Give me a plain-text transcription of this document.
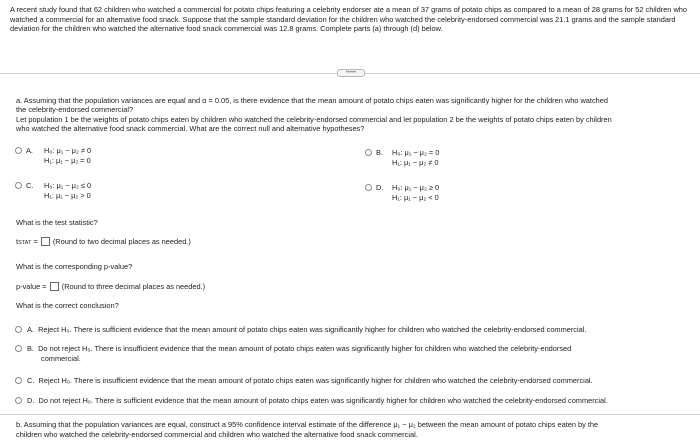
A recent study found that 62 children who watched a commercial for potato chips featuring a celebrity endorser ate a mean of 37 grams of potato chips as compared to a mean of 28 grams for 52 children who watched a commercial for an alternative food snack. Suppose that the sample standard deviation for the children who watched the celebrity-endorsed commercial was 21.1 grams and the sample standard deviation for the children who watched the alternative food snack commercial was 12.8 grams. Complete parts (a) through (d) below.
•••••
a. Assuming that the population variances are equal and α = 0.05, is there evidence that the mean amount of potato chips eaten was significantly higher for the children who watched
the celebrity-endorsed commercial?
Let population 1 be the weights of potato chips eaten by children who watched the celebrity-endorsed commercial and let population 2 be the weights of potato chips eaten by children
who watched the alternative food snack commercial. What are the correct null and alternative hypotheses?
A. H₀: μ₁ − μ₂ ≠ 0
H₁: μ₁ − μ₂ = 0
B. H₀: μ₁ − μ₂ = 0
H₁: μ₁ − μ₂ ≠ 0
C. H₀: μ₁ − μ₂ ≤ 0
H₁: μ₁ − μ₂ > 0
D. H₀: μ₁ − μ₂ ≥ 0
H₁: μ₁ − μ₂ < 0
What is the test statistic?
tSTAT = (Round to two decimal places as needed.)
What is the corresponding p-value?
p-value = (Round to three decimal places as needed.)
What is the correct conclusion?
A. Reject H₀. There is sufficient evidence that the mean amount of potato chips eaten was significantly higher for children who watched the celebrity-endorsed commercial.
B. Do not reject H₀. There is insufficient evidence that the mean amount of potato chips eaten was significantly higher for children who watched the celebrity-endorsed
commercial.
C. Reject H₀. There is insufficient evidence that the mean amount of potato chips eaten was significantly higher for children who watched the celebrity-endorsed commercial.
D. Do not reject H₀. There is sufficient evidence that the mean amount of potato chips eaten was significantly higher for children who watched the celebrity-endorsed commercial.
b. Assuming that the population variances are equal, construct a 95% confidence interval estimate of the difference μ₁ − μ₂ between the mean amount of potato chips eaten by the
children who watched the celebrity-endorsed commercial and children who watched the alternative food snack commercial.
